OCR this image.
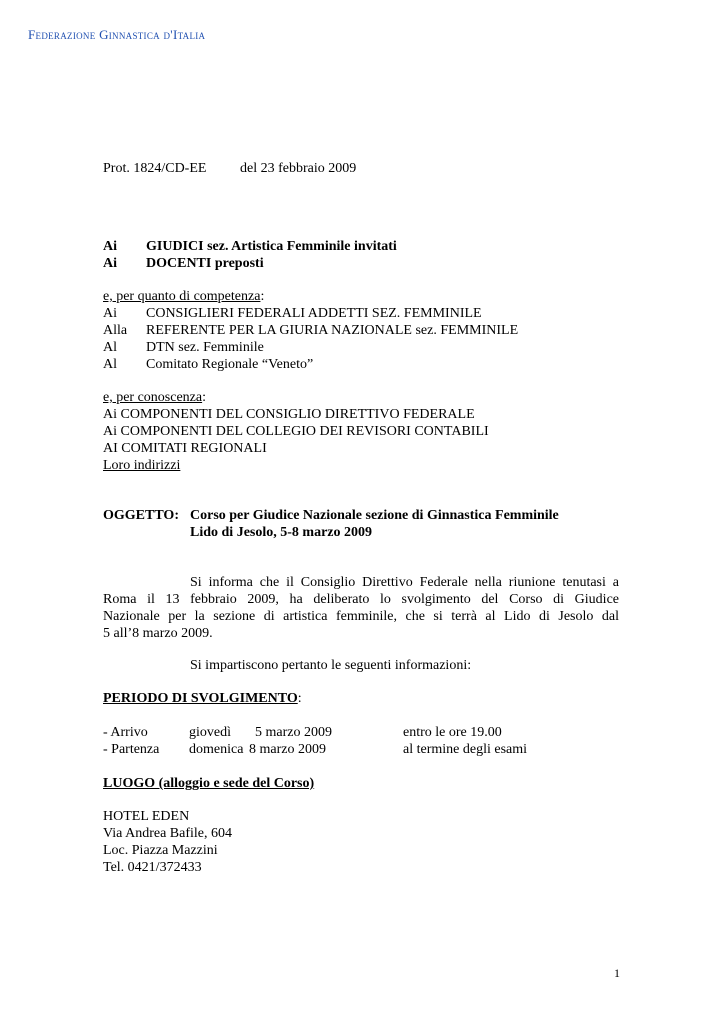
Federazione Ginnastica d'Italia
Prot. 1824/CD-EE del 23 febbraio 2009
Ai GIUDICI sez. Artistica Femminile invitati
Ai DOCENTI preposti
e, per quanto di competenza:
Ai CONSIGLIERI FEDERALI ADDETTI SEZ. FEMMINILE
Alla REFERENTE PER LA GIURIA NAZIONALE sez. FEMMINILE
Al DTN sez. Femminile
Al Comitato Regionale “Veneto”
e, per conoscenza:
Ai COMPONENTI DEL CONSIGLIO DIRETTIVO FEDERALE
Ai COMPONENTI DEL COLLEGIO DEI REVISORI CONTABILI
AI COMITATI REGIONALI
Loro indirizzi
OGGETTO: Corso per Giudice Nazionale sezione di Ginnastica Femminile
Lido di Jesolo, 5-8 marzo 2009
Si informa che il Consiglio Direttivo Federale nella riunione tenutasi a
Roma il 13 febbraio 2009, ha deliberato lo svolgimento del Corso di Giudice
Nazionale per la sezione di artistica femminile, che si terrà al Lido di Jesolo dal
5 all’8 marzo 2009.
Si impartiscono pertanto le seguenti informazioni:
PERIODO DI SVOLGIMENTO:
- Arrivo	giovedì 5 marzo 2009	entro le ore 19.00
- Partenza domenica 8 marzo 2009	al termine degli esami
LUOGO (alloggio e sede del Corso)
HOTEL EDEN
Via Andrea Bafile, 604
Loc. Piazza Mazzini
Tel. 0421/372433
1
